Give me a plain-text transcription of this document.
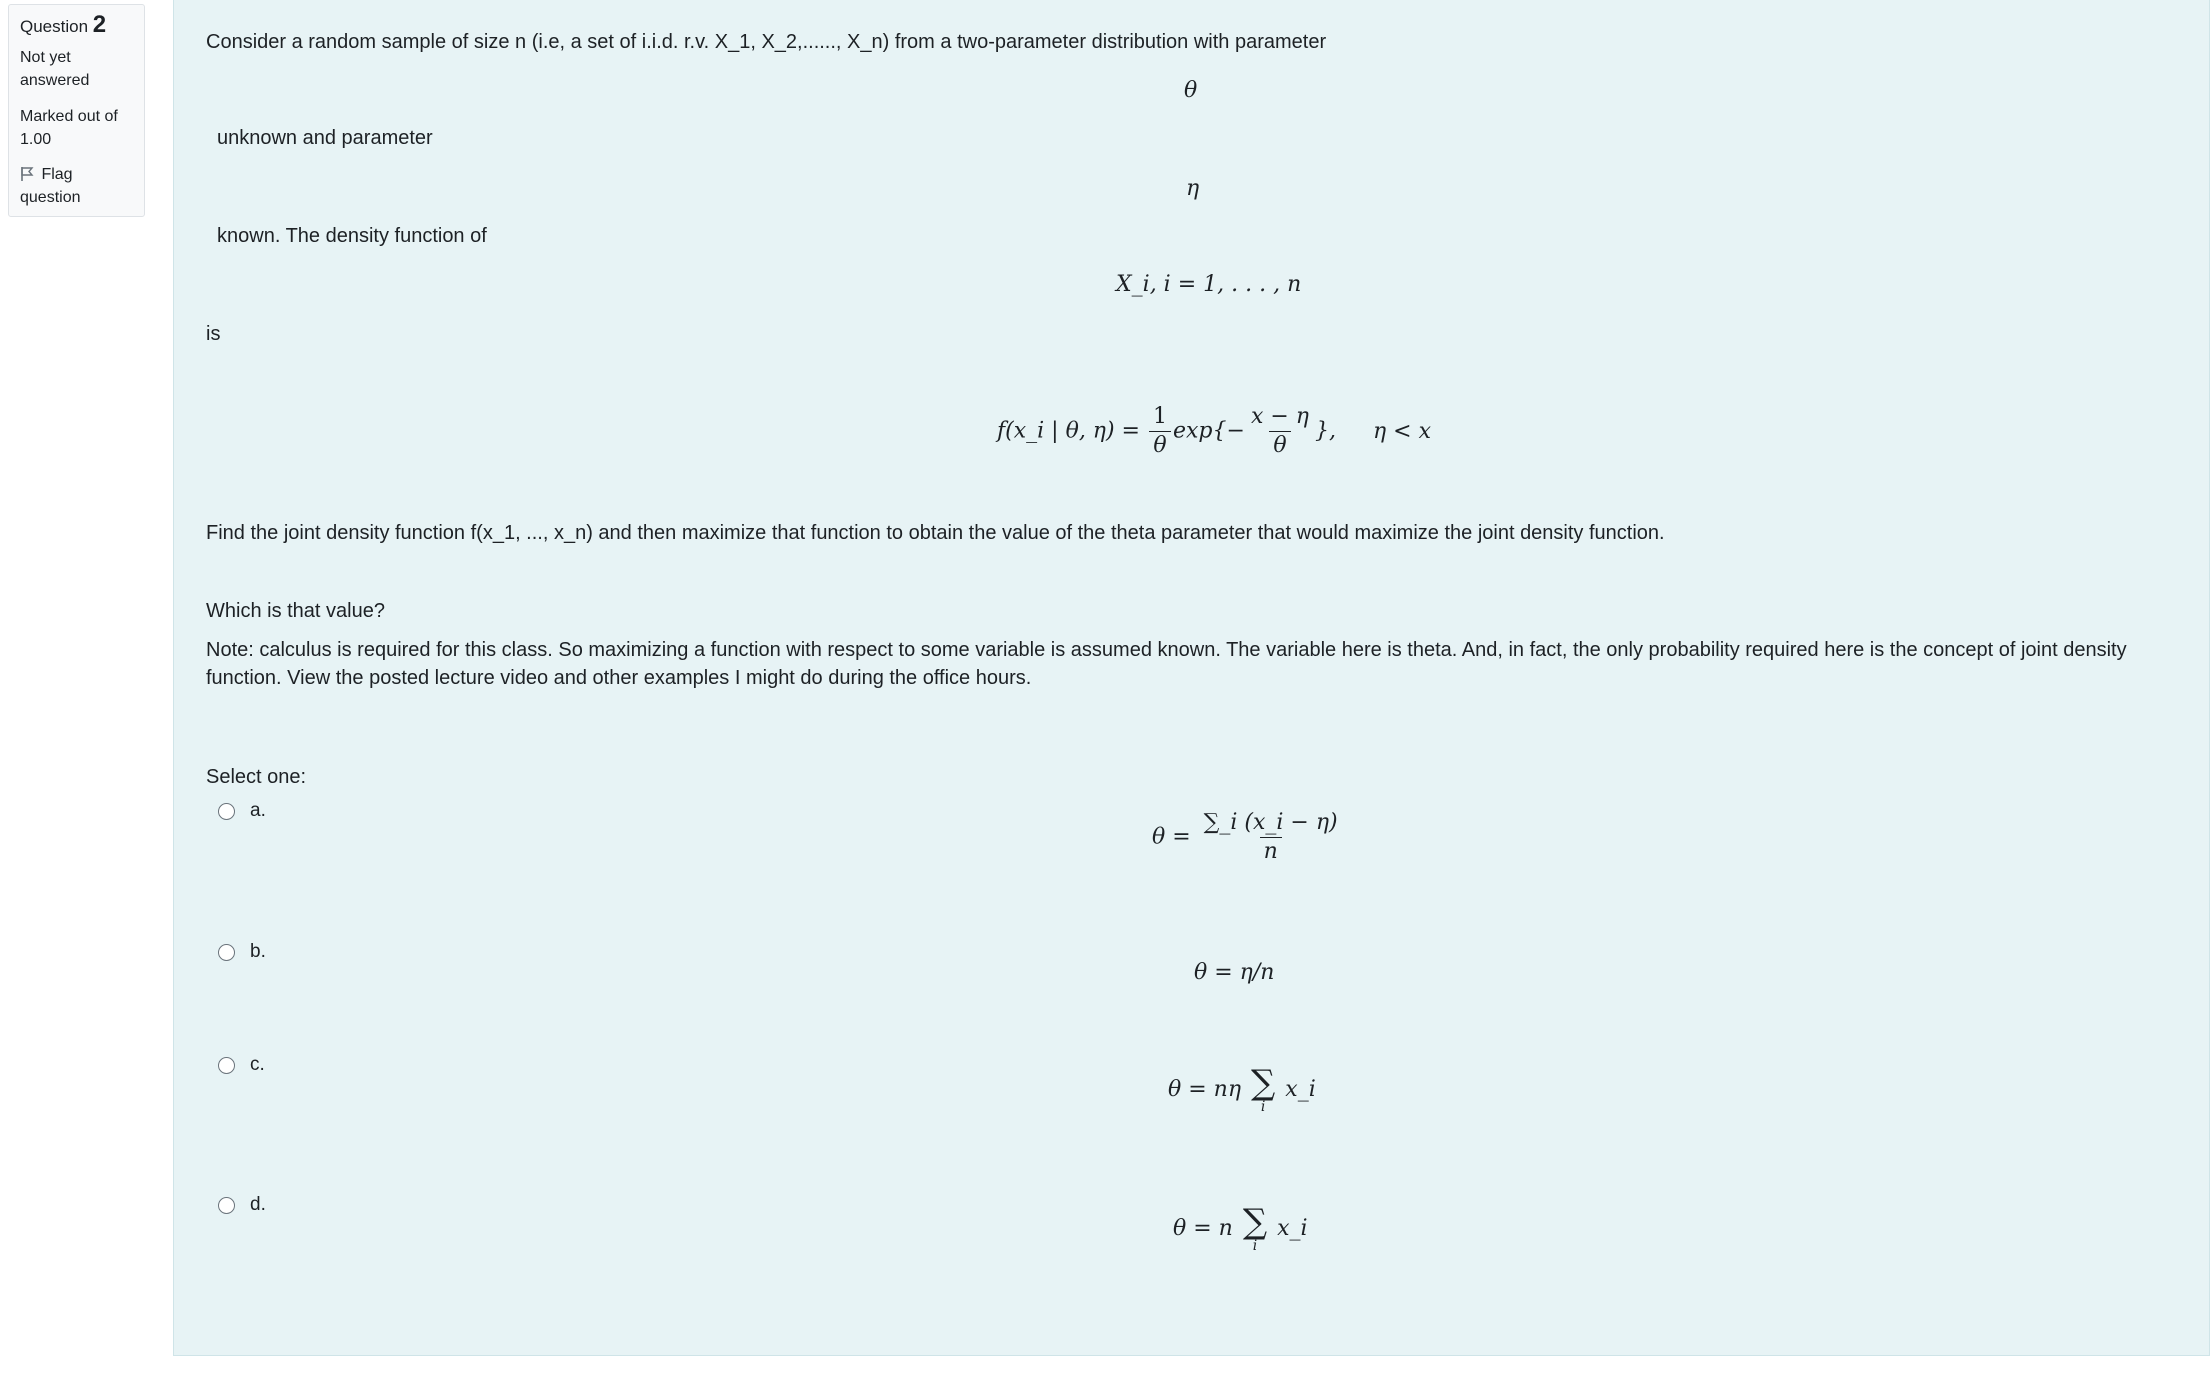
Question 2
Not yet answered
Marked out of 1.00
Flag question
Consider a random sample of size n (i.e, a set of i.i.d. r.v. X_1, X_2,......, X_n) from a two-parameter distribution with parameter
θ
unknown and parameter
η
known. The density function of
X_i, i = 1, . . . , n
is
f(x_i | θ, $\eta) = \frac{1}{\theta} \exp\{- \frac{x - \eta}{\theta}$ }, η < x
Find the joint density function f(x_1, ..., x_n) and then maximize that function to obtain the value of the theta parameter that would maximize the joint density function.
Which is that value?
Note: calculus is required for this class. So maximizing a function with respect to some variable is assumed known. The variable here is theta. And, in fact, the only probability required here is the concept of joint density function. View the posted lecture video and other examples I might do during the office hours.
Select one:
a.
$\theta = \frac{\sum\_i (x\_i - \eta)}{n}$
b.
θ = η/n
c.
θ = nη ∑
i
x_i
d.
θ = n ∑
i
x_i
